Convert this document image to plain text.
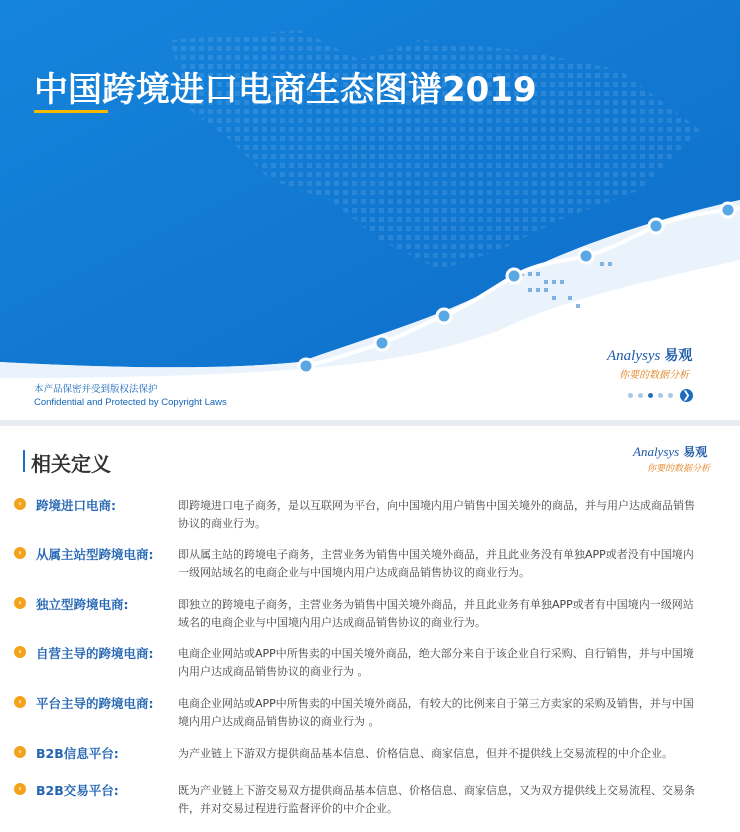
中国跨境进口电商生态图谱2019
Analysys 易观
你要的数据分析
本产品保密并受到版权法保护
Confidential and Protected by Copyright Laws
❯
相关定义
Analysys 易观
你要的数据分析
›	跨境进口电商:	即跨境进口电子商务，是以互联网为平台，向中国境内用户销售中国关境外的商品，并与用户达成商品销售协议的商业行为。
›	从属主站型跨境电商: 即从属主站的跨境电子商务，主营业务为销售中国关境外商品，并且此业务没有单独APP或者没有中国境内一级网站域名的电商企业与中国境内用户达成商品销售协议的商业行为。
›	独立型跨境电商:	即独立的跨境电子商务，主营业务为销售中国关境外商品，并且此业务有单独APP或者有中国境内一级网站域名的电商企业与中国境内用户达成商品销售协议的商业行为。
›	自营主导的跨境电商: 电商企业网站或APP中所售卖的中国关境外商品，绝大部分来自于该企业自行采购、自行销售，并与中国境内用户达成商品销售协议的商业行为 。
›	平台主导的跨境电商: 电商企业网站或APP中所售卖的中国关境外商品，有较大的比例来自于第三方卖家的采购及销售，并与中国境内用户达成商品销售协议的商业行为 。
›	B2B信息平台:	为产业链上下游双方提供商品基本信息、价格信息、商家信息，但并不提供线上交易流程的中介企业。
›	B2B交易平台:	既为产业链上下游交易双方提供商品基本信息、价格信息、商家信息，又为双方提供线上交易流程、交易条件，并对交易过程进行监督评价的中介企业。
